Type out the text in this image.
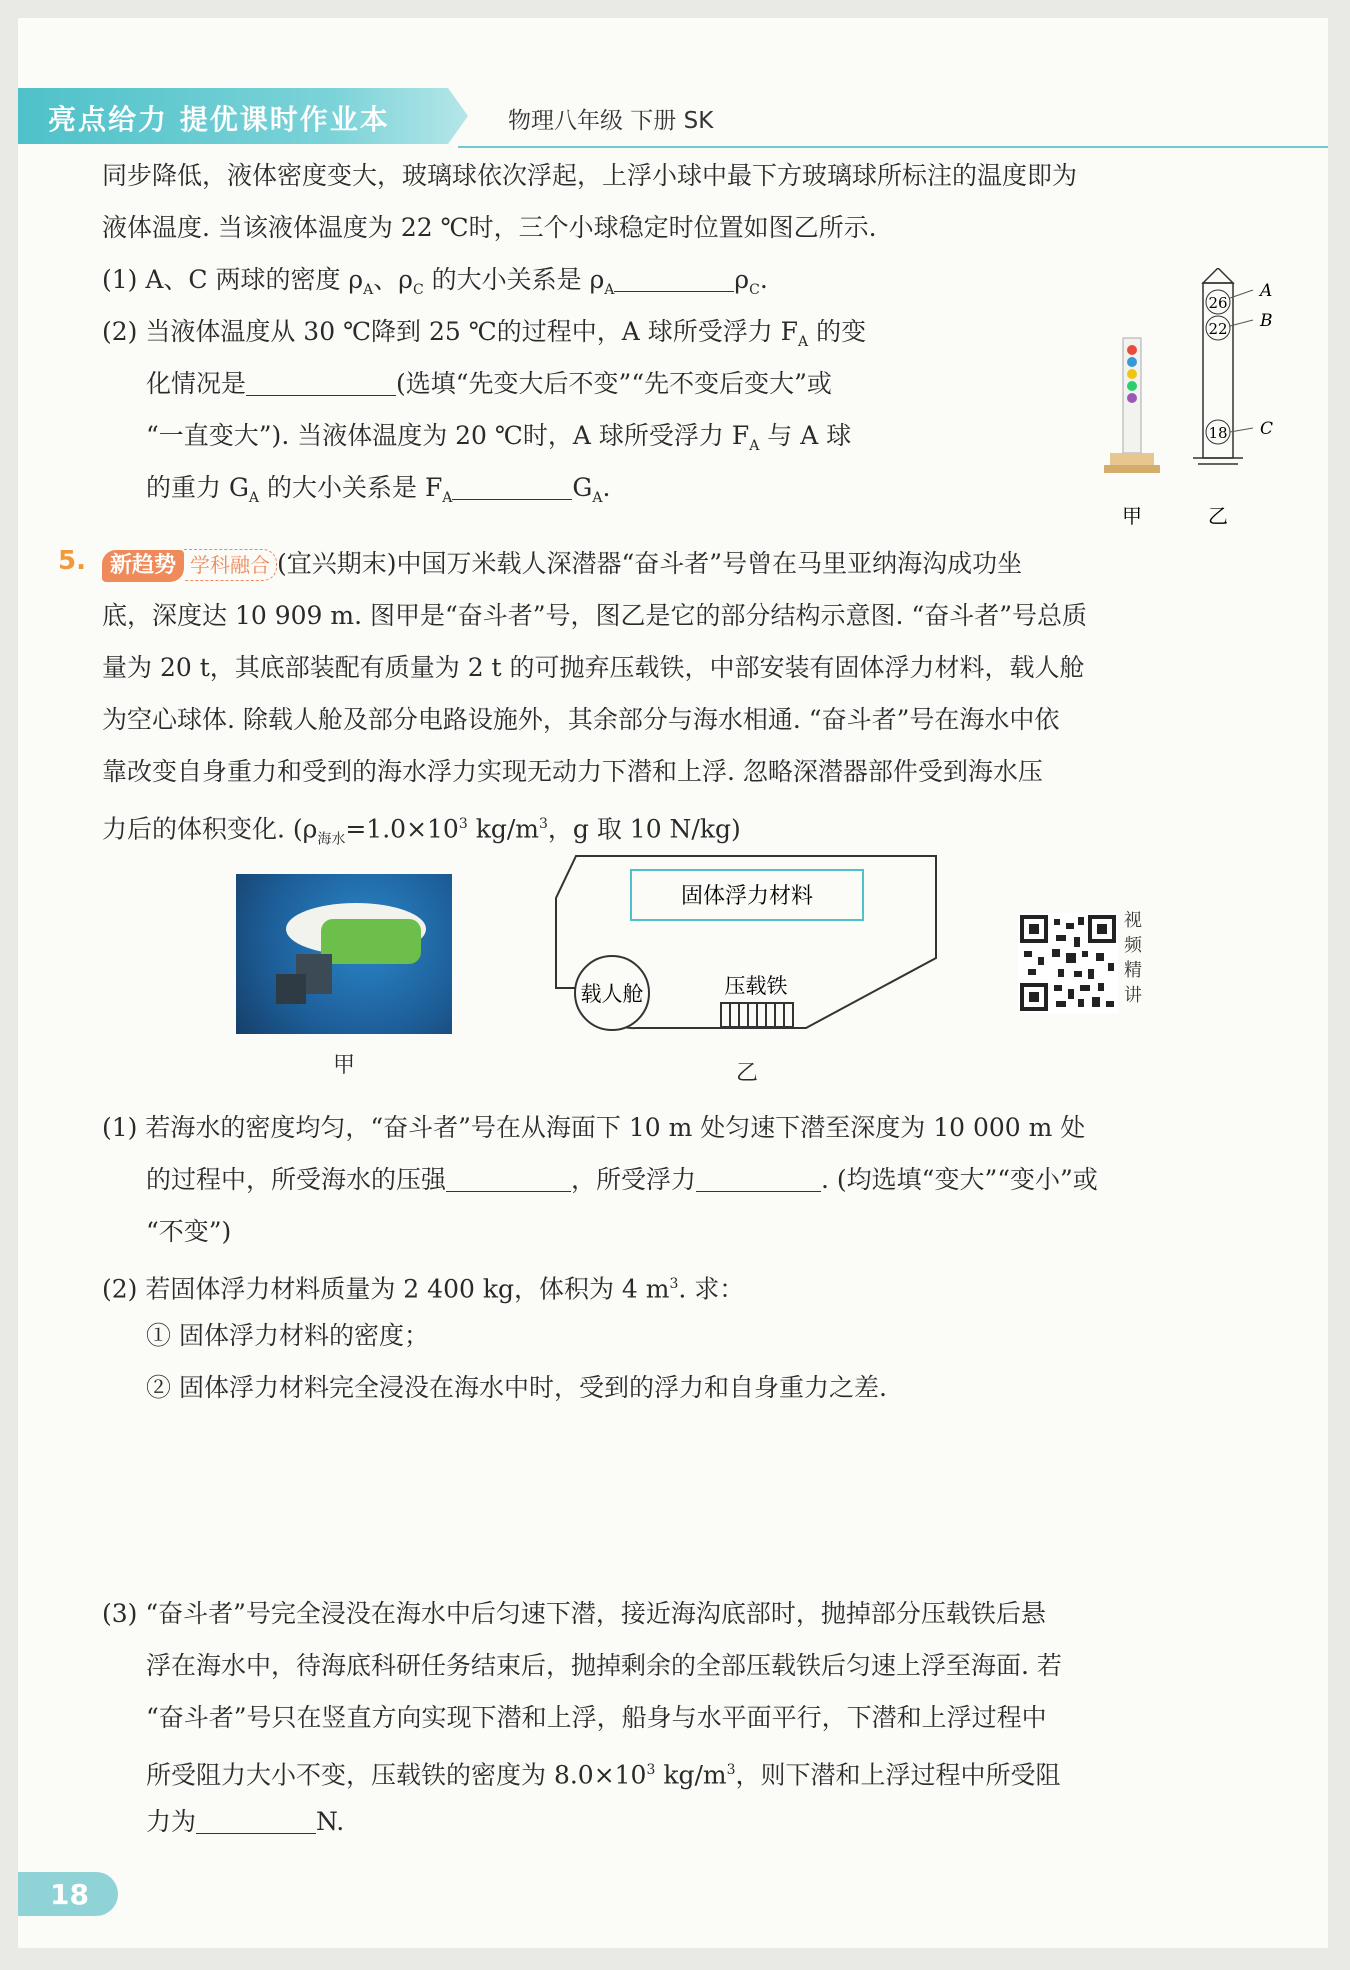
亮点给力 提优课时作业本	物理八年级 下册 SK
同步降低，液体密度变大，玻璃球依次浮起，上浮小球中最下方玻璃球所标注的温度即为
液体温度. 当该液体温度为 22 ℃时，三个小球稳定时位置如图乙所示.
(1) A、C 两球的密度 $\rho_A$、$\rho_C$ 的大小关系是 $\rho_A$	$\rho_C$.
(2) 当液体温度从 30 ℃降到 25 ℃的过程中，A 球所受浮力 $F_A$ 的变
化情况是	(选填“先变大后不变”“先不变后变大”或
“一直变大”). 当液体温度为 20 ℃时，A 球所受浮力 $F_A$ 与 A 球
的重力 $G_A$ 的大小关系是 $F_A$	$G_A$.
26
22
18
A
B
C
甲	乙
5.	新趋势 学科融合 (宜兴期末)中国万米载人深潜器“奋斗者”号曾在马里亚纳海沟成功坐
底，深度达 10 909 m. 图甲是“奋斗者”号，图乙是它的部分结构示意图. “奋斗者”号总质
量为 20 t，其底部装配有质量为 2 t 的可抛弃压载铁，中部安装有固体浮力材料，载人舱
为空心球体. 除载人舱及部分电路设施外，其余部分与海水相通. “奋斗者”号在海水中依
靠改变自身重力和受到的海水浮力实现无动力下潜和上浮. 忽略深潜器部件受到海水压
力后的体积变化. ($\rho_{海水}=1.0\times 10^3$ $kg/m^3$，g 取 10 N/kg)
甲
固体浮力材料
载人舱	压载铁
乙
视
频
精
讲
(1) 若海水的密度均匀，“奋斗者”号在从海面下 10 m 处匀速下潜至深度为 10 000 m 处
的过程中，所受海水的压强	，所受浮力	. (均选填“变大”“变小”或
“不变”)
(2) 若固体浮力材料质量为 2 400 kg，体积为 4 $m^3$. 求：
① 固体浮力材料的密度；
② 固体浮力材料完全浸没在海水中时，受到的浮力和自身重力之差.
(3) “奋斗者”号完全浸没在海水中后匀速下潜，接近海沟底部时，抛掉部分压载铁后悬
浮在海水中，待海底科研任务结束后，抛掉剩余的全部压载铁后匀速上浮至海面. 若
“奋斗者”号只在竖直方向实现下潜和上浮，船身与水平面平行，下潜和上浮过程中
所受阻力大小不变，压载铁的密度为 $8.0\times 10^3$ $kg/m^3$，则下潜和上浮过程中所受阻
力为	N.
18
